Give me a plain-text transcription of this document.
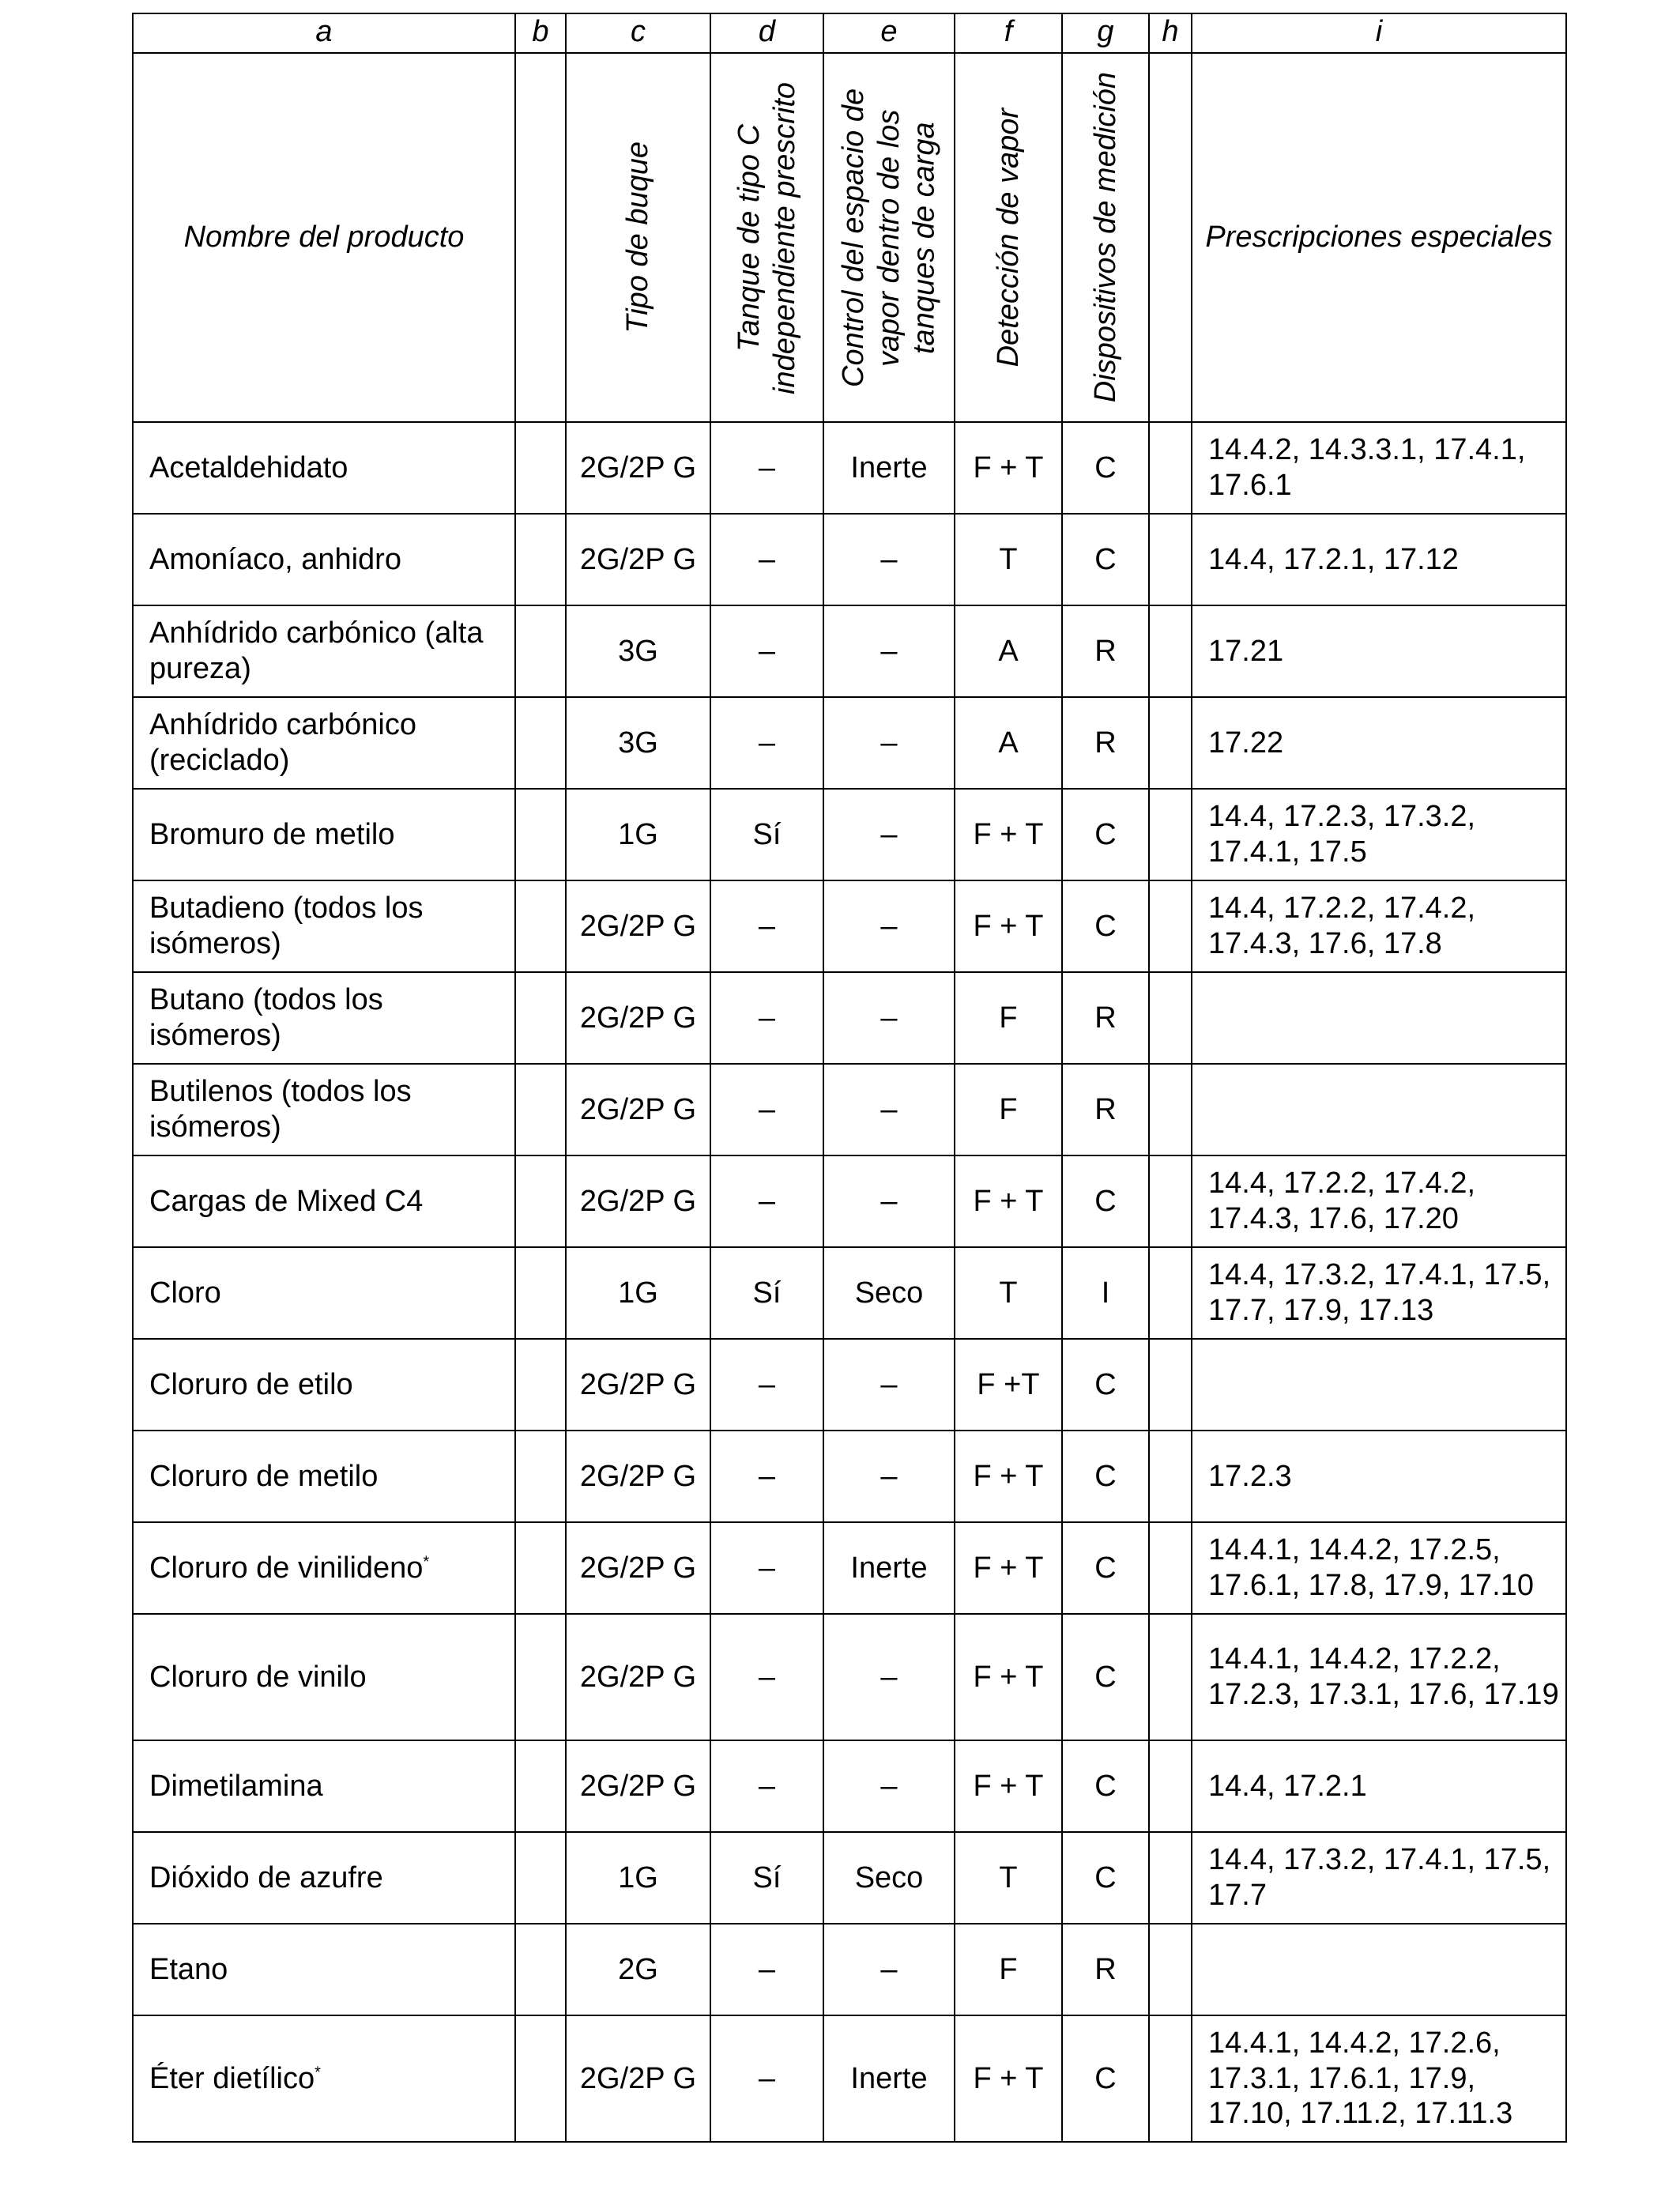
a	b	c	d	e	f	g	h	i
Nombre del producto		Tipo de buque	Tanque de tipo C independiente prescrito	Control del espacio de vapor dentro de los tanques de carga	Detección de vapor	Dispositivos de medición		Prescripciones especiales
Acetaldehidato		2G/2P G	–	Inerte	F + T	C		14.4.2, 14.3.3.1, 17.4.1, 17.6.1
Amoníaco, anhidro		2G/2P G	–	–	T	C		14.4, 17.2.1, 17.12
Anhídrido carbónico (alta pureza)		3G	–	–	A	R		17.21
Anhídrido carbónico (reciclado)		3G	–	–	A	R		17.22
Bromuro de metilo		1G	Sí	–	F + T	C		14.4, 17.2.3, 17.3.2, 17.4.1, 17.5
Butadieno (todos los isómeros)		2G/2P G	–	–	F + T	C		14.4, 17.2.2, 17.4.2, 17.4.3, 17.6, 17.8
Butano (todos los isómeros)		2G/2P G	–	–	F	R		
Butilenos (todos los isómeros)		2G/2P G	–	–	F	R		
Cargas de Mixed C4		2G/2P G	–	–	F + T	C		14.4, 17.2.2, 17.4.2, 17.4.3, 17.6, 17.20
Cloro		1G	Sí	Seco	T	I		14.4, 17.3.2, 17.4.1, 17.5, 17.7, 17.9, 17.13
Cloruro de etilo		2G/2P G	–	–	F +T	C		
Cloruro de metilo		2G/2P G	–	–	F + T	C		17.2.3
Cloruro de vinilideno*		2G/2P G	–	Inerte	F + T	C		14.4.1, 14.4.2, 17.2.5, 17.6.1, 17.8, 17.9, 17.10
Cloruro de vinilo		2G/2P G	–	–	F + T	C		14.4.1, 14.4.2, 17.2.2, 17.2.3, 17.3.1, 17.6, 17.19
Dimetilamina		2G/2P G	–	–	F + T	C		14.4, 17.2.1
Dióxido de azufre		1G	Sí	Seco	T	C		14.4, 17.3.2, 17.4.1, 17.5, 17.7
Etano		2G	–	–	F	R		
Éter dietílico*		2G/2P G	–	Inerte	F + T	C		14.4.1, 14.4.2, 17.2.6, 17.3.1, 17.6.1, 17.9, 17.10, 17.11.2, 17.11.3
